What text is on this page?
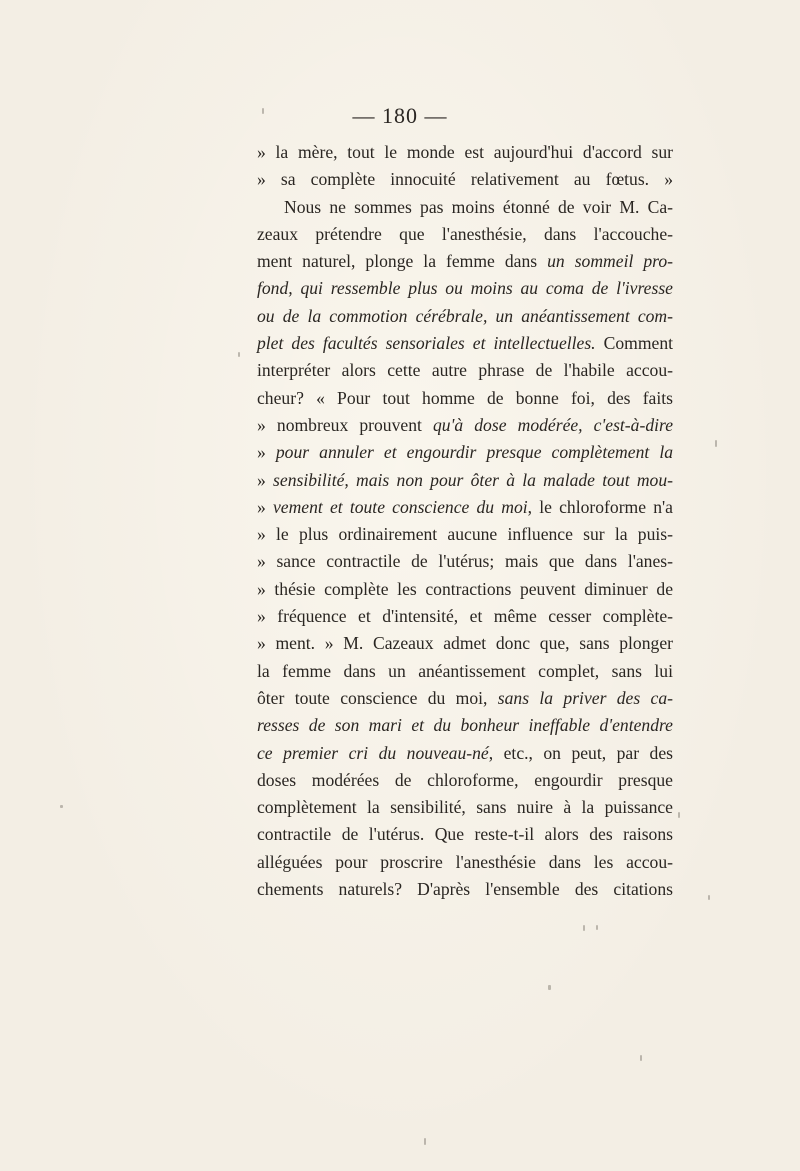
— 180 —
» la mère, tout le monde est aujourd'hui d'accord sur
» sa complète innocuité relativement au fœtus. »
Nous ne sommes pas moins étonné de voir M. Ca-
zeaux prétendre que l'anesthésie, dans l'accouche-
ment naturel, plonge la femme dans un sommeil pro-
fond, qui ressemble plus ou moins au coma de l'ivresse
ou de la commotion cérébrale, un anéantissement com-
plet des facultés sensoriales et intellectuelles. Comment
interpréter alors cette autre phrase de l'habile accou-
cheur? « Pour tout homme de bonne foi, des faits
» nombreux prouvent qu'à dose modérée, c'est-à-dire
» pour annuler et engourdir presque complètement la
» sensibilité, mais non pour ôter à la malade tout mou-
» vement et toute conscience du moi, le chloroforme n'a
» le plus ordinairement aucune influence sur la puis-
» sance contractile de l'utérus; mais que dans l'anes-
» thésie complète les contractions peuvent diminuer de
» fréquence et d'intensité, et même cesser complète-
» ment. » M. Cazeaux admet donc que, sans plonger
la femme dans un anéantissement complet, sans lui
ôter toute conscience du moi, sans la priver des ca-
resses de son mari et du bonheur ineffable d'entendre
ce premier cri du nouveau-né, etc., on peut, par des
doses modérées de chloroforme, engourdir presque
complètement la sensibilité, sans nuire à la puissance
contractile de l'utérus. Que reste-t-il alors des raisons
alléguées pour proscrire l'anesthésie dans les accou-
chements naturels? D'après l'ensemble des citations
